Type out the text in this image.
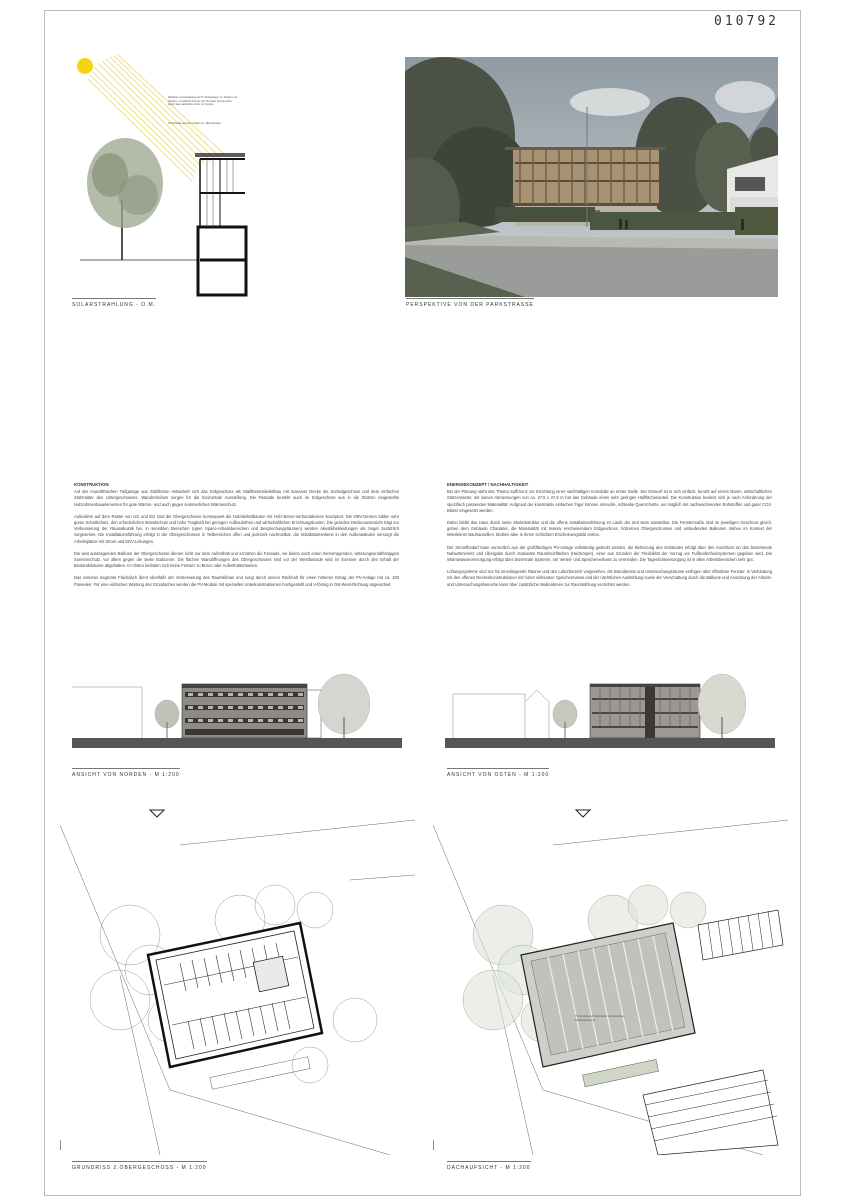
010792
Effektive Verschattung durch Tiefgaragen im Süden und Westen, zusätzlich Schutz der Nordost Hochpunkte durch das natürliche Grün im Norden
PV-Module auf dem Dach ca. 180 Paneele
SOLARSTRAHLUNG - O.M.	PERSPEKTIVE VON DER PARKSTRASSE
KONSTRUKTION

Auf der monolithischen Tiefgarage aus Stahlbeton entwickelt sich das Erdgeschoss als Stahlbetonskelettbau mit massiver Decke als Sockelgeschoss und dem einfachen Stützraster des Untergeschosses. Wandscheiben sorgen für die horizontale Aussteifung. Die Fassade besteht auch im Erdgeschoss aus in die Stützen eingestellte Holzrahmenbauelementen für gute Wärme- und auch gegen sommerlichen Wärmeschutz.

Außerdem auf dem Raster von UG und EG sind die Obergeschosse konsequent als Holzskelettbauten mit Holz-Beton-Verbunddecken konzipiert. Die HBV-Decken bilden sehr guten Schallschutz, den erforderlichen Brandschutz und hohe Tragkraft bei geringen Aufbauhöhen und wirtschaftlichen Errichtungskosten. Die gelochte Deckenuntersicht trägt zur Verbesserung der Raumakustik bei, in sensiblen Bereichen (open Space-Arbeitsbereichen und Besprechungsräumen) werden Akustikbekleidungen als Segel zusätzlich vorgesehen. Die Installationsführung erfolgt in der Obergeschossen in Teilbereichen offen und jederzeit nachrüstbar, die Installationsebene in den Außenwänden versorgt die Arbeitsplätze mit Strom und EDV-Leitungen.

Die weit auskragenden Balkone der Obergeschosse dienen nicht nur dem Aufenthalt und schützen die Fassade, sie bieten auch einen hervorragenden, witterungsunabhängigen Sonnenschutz, vor allem gegen die steile Südsonne. Die flachen Wandöffnungen des Obergeschosses sind vor der Westfassade wird im Sommer durch den Erhalt der Bestandsbäume abgehalten. Im Osten befinden sich keine Fenster zu Büros oder Aufenthaltsräumen.

Das extensiv begrünte Flachdach dient ebenfalls der Verbesserung des Raumklimas und sorgt durch seinen Rückhalt für einen höheren Ertrag der PV-Anlage mit ca. 180 Paneelen. Für eine einfachen Wartung des Gründaches werden die PV-Module mit speziellen Unterkonstruktionen hochgestellt und V-förmig in Ost-West-Richtung angeordnet.

ENERGIEKONZEPT / NACHHALTIGKEIT

Bei der Planung steht das Thema Suffizienz zur Errichtung einer nachhaltigen Immobilie an erster Stelle. Der Entwurf ist in sich einfach, beruht auf einem klaren, wirtschaftlichen Stützenraster, mit seinen Abmessungen von ca. 27,5 x 27,9 m hat das Gebäude einen sehr geringen Hüllflächenanteil. Die Konstruktion bedient sich je nach Anforderung der spezifisch passenden Materialität. Aufgrund der konstruktiv einfachen Figur können sinnvolle, schlanke Querschnitte, wo möglich mit nachwachsenden Rohstoffen und guter CO2-Bilanz eingesetzt werden.

Dabei bleibt das Haus durch seine Skelettstruktur und die offene Installationsführung im Laufe der Zeit stets wandelbar. Die Fenstermaße sind im jeweiligen Geschoss gleich, geben dem Gebäude Charakter, die Materialität mit massiv erscheinendem Erdgeschoss, hölzernen Obergeschossen und umlaufenden Balkonen stehen im Kontext der Wiesleitner Bauhausvillen, bleiben aber in ihrem schlichten Erscheinungsbild zeitlos.

Der Stromfbedarf kann vermutlich aus der großflächigen PV-Anlage vollständig gedeckt werden, die Beheizung des Gebäudes erfolgt über den Anschluss an das bestehende Nahwärmenetz und Übergabe durch stationäre Raumheizflächen (Heizkörper), einer aus Gründen der Flexibilität der Vorzug vor Fußbodenheizsystemen gegeben wird. Die Warmwasserversorgung erfolgt über dezentrale Systeme, um Verteil- und Speicherverluste zu vermeiden. Die Tageslichtversorgung ist in allen Arbeitsbereichen sehr gut.

Lüftungssysteme sind nur für innenliegende Räume und den Laborbereich vorgesehen, die Bürodienste und Untersuchungsräume verfügen über öffenbare Fenster. In Verbindung mit den offenen Deckenkonstruktionen mit hoher wirksamer Speichermasse und der nächtlichen Auskühlung sowie der Verschattung durch die Balkone und Anordnung der Arbeits- und Untersuchungsbereiche kann über zusätzliche Maßnahmen zur Raumkühlung verzichtet werden.

ANSICHT VON NORDEN - M 1:200	ANSICHT VON OSTEN - M 1:200
GRUNDRISS 2.OBERGESCHOSS - M 1:200
PV-Module auf Flachdach mit extensiver Dachbegrünung
DACHAUFSICHT - M 1:200
